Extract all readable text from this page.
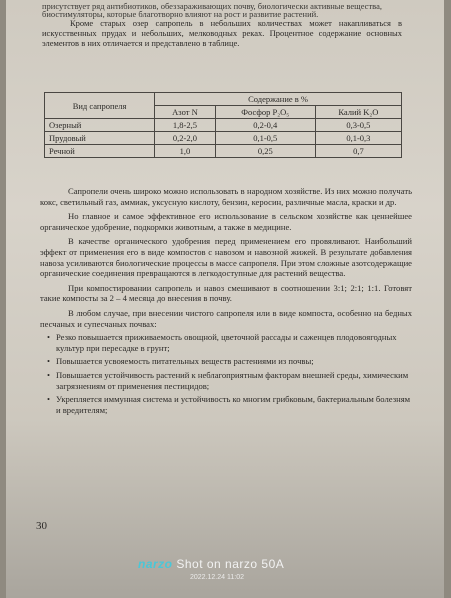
присутствует ряд антибиотиков, обеззараживающих почву, биологически активные вещества, биостимуляторы, которые благотворно влияют на рост и развитие растений.

Кроме старых озер сапропель в небольших количествах может накапливаться в искусственных прудах и небольших, мелководных реках. Процентное содержание основных элементов в них отличается и представлено в таблице.

Вид сапропеля	Содержание в %		
	Азот N	Фосфор P₂O₅	Калий K₂O
Озерный	1,8-2,5	0,2-0,4	0,3-0,5
Прудовый	0,2-2,0	0,1-0,5	0,1-0,3
Речной	1,0	0,25	0,7

Сапропели очень широко можно использовать в народном хозяйстве. Из них можно получать кокс, светильный газ, аммиак, уксусную кислоту, бензин, керосин, различные масла, краски и др.

Но главное и самое эффективное его использование в сельском хозяйстве как ценнейшее органическое удобрение, подкормки животным, а также в медицине.

В качестве органического удобрения перед применением его провяливают. Наибольший эффект от применения его в виде компостов с навозом и навозной жижей. В результате добавления навоза усиливаются биологические процессы в массе сапропеля. При этом сложные азотсодержащие органические соединения превращаются в легкодоступные для растений вещества.

При компостировании сапропель и навоз смешивают в соотношении 3:1; 2:1; 1:1. Готовят такие компосты за 2 – 4 месяца до внесения в почву.

В любом случае, при внесении чистого сапропеля или в виде компоста, особенно на бедных песчаных и супесчаных почвах:

• Резко повышается приживаемость овощной, цветочной рассады и саженцев плодовоягодных культур при пересадке в грунт;
• Повышается усвояемость питательных веществ растениями из почвы;
• Повышается устойчивость растений к неблагоприятным факторам внешней среды, химическим загрязнениям от применения пестицидов;
• Укрепляется иммунная система и устойчивость ко многим грибковым, бактериальным болезням и вредителям;
30
narzo Shot on narzo 50A
2022.12.24 11:02
